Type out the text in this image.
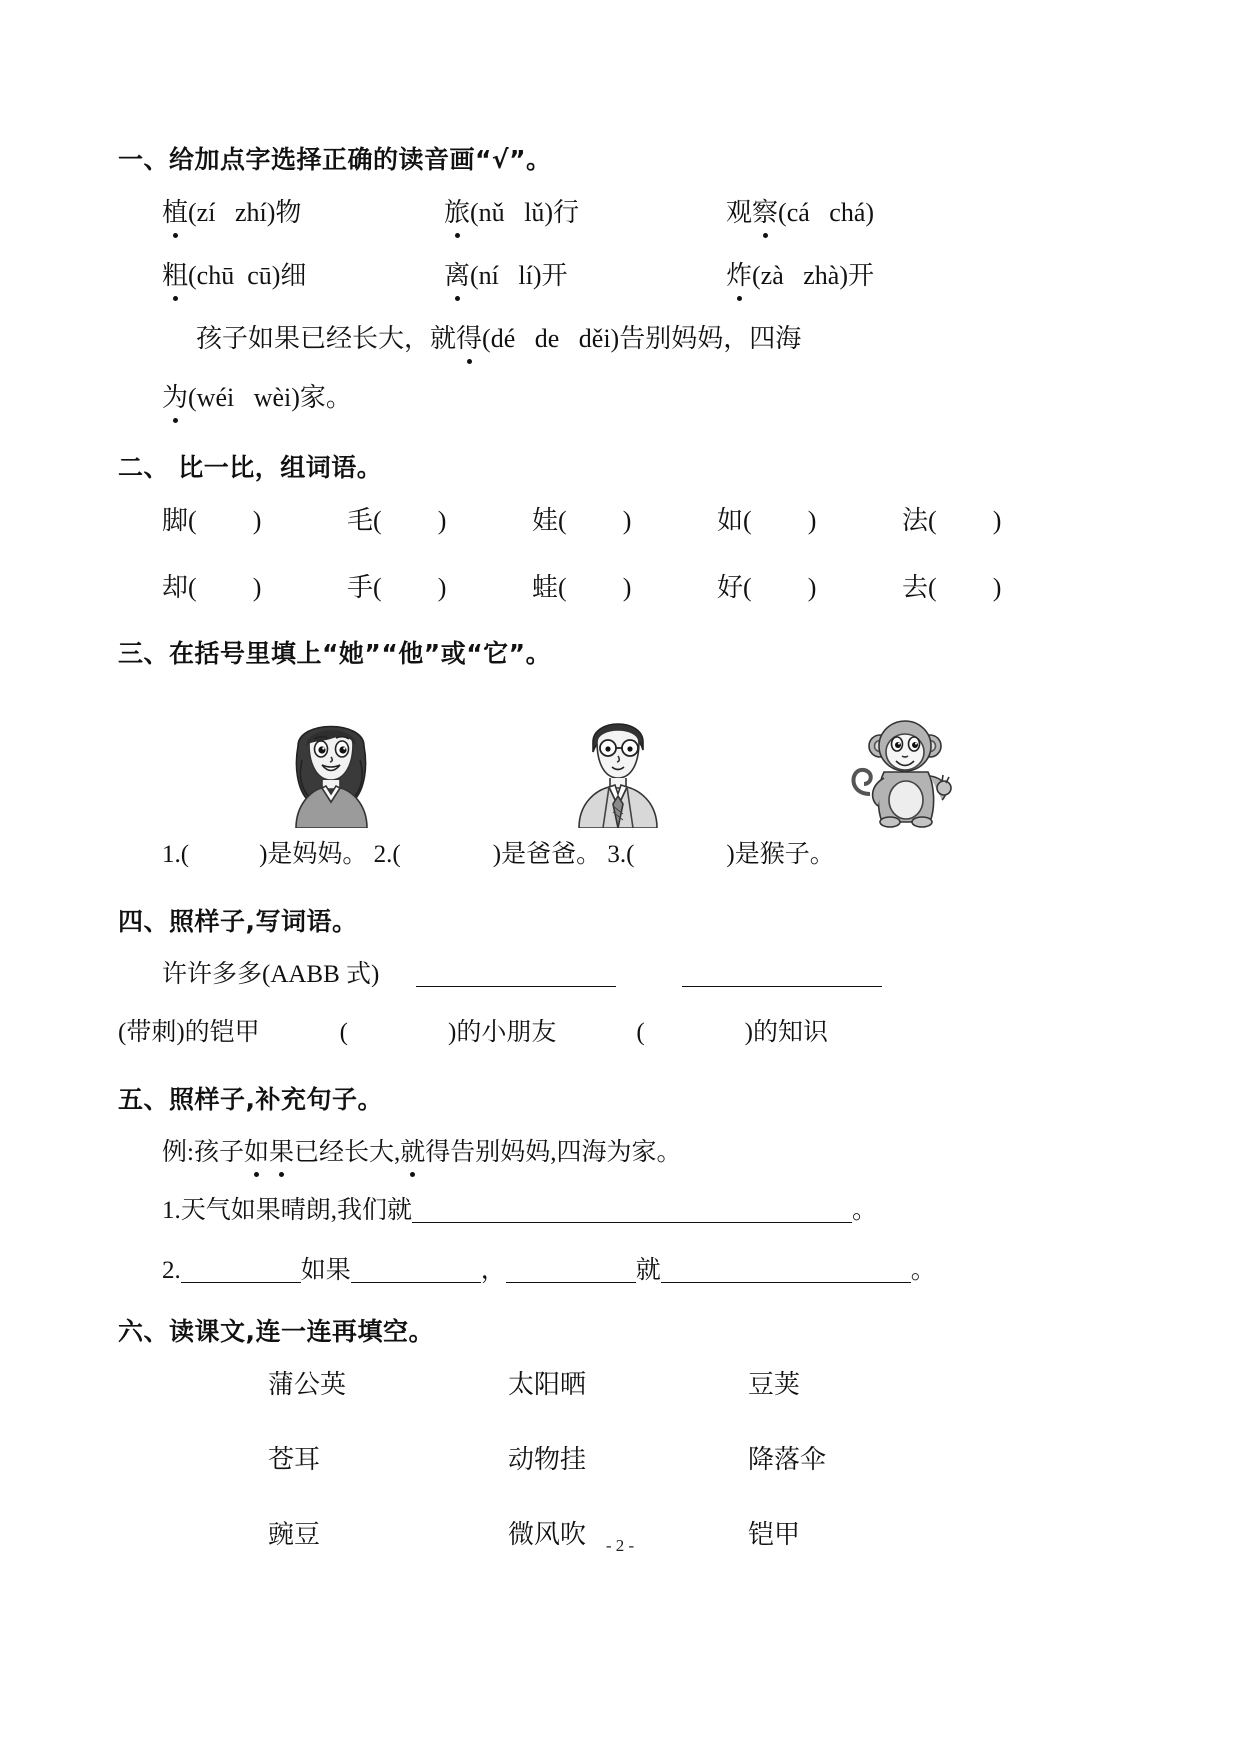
一、给加点字选择正确的读音画“√”。
植(zí zhí)物	旅(nǔ lǔ)行	观察(cá chá)
粗(chū cū)细	离(ní lí)开	炸(zà zhà)开
孩子如果已经长大，就得(dé de děi)告别妈妈，四海
为(wéi wèi)家。
二、 比一比，组词语。
脚( )	毛( )	娃( )	如( )	法( )
却( )	手( )	蛙( )	好( )	去( )
三、在括号里填上“她”“他”或“它”。
1.(	)是妈妈。 2.(	)是爸爸。 3.(	)是猴子。
四、照样子,写词语。
许许多多(AABB 式)
(带刺)的铠甲	(	)的小朋友	(	)的知识
五、照样子,补充句子。
例:孩子如果已经长大,就得告别妈妈,四海为家。
1.天气如果晴朗,我们就	。
2.	如果	，	就	。
六、读课文,连一连再填空。
蒲公英	太阳晒	豆荚
苍耳	动物挂	降落伞
豌豆	微风吹	铠甲
- 2 -
